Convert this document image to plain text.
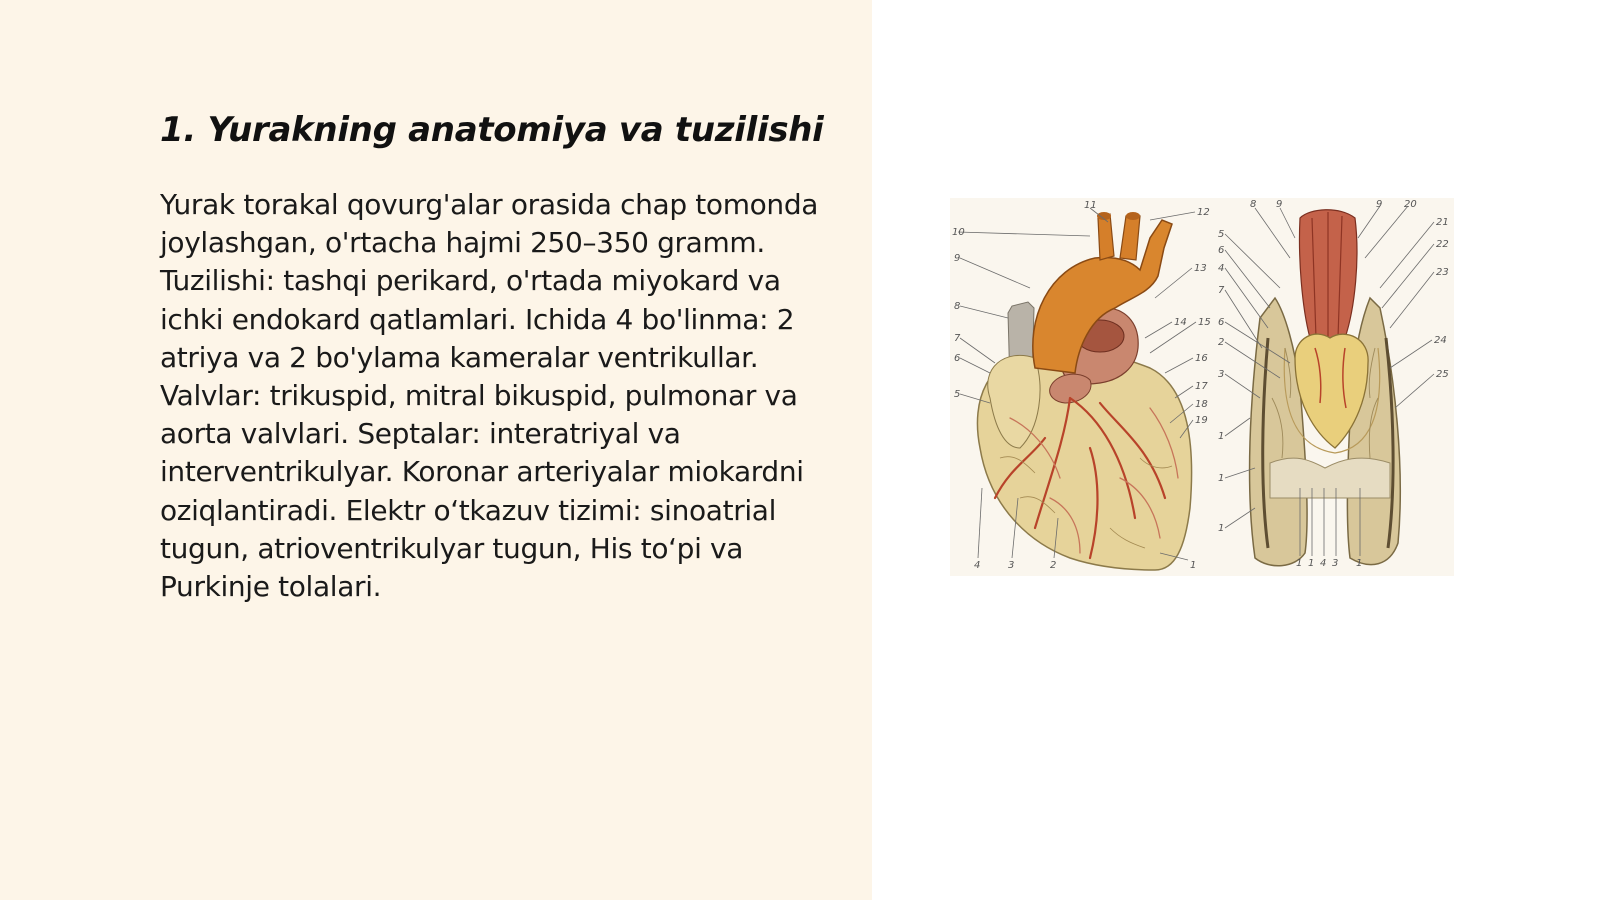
1. Yurakning anatomiya va tuzilishi

Yurak torakal qovurg'alar orasida chap tomonda joylashgan, o'rtacha hajmi 250–350 gramm. Tuzilishi: tashqi perikard, o'rtada miyokard va ichki endokard qatlamlari. Ichida 4 bo'linma: 2 atriya va 2 bo'ylama kameralar ventrikullar. Valvlar: trikuspid, mitral bikuspid, pulmonar va aorta valvlari. Septalar: interatriyal va interventrikulyar. Koronar arteriyalar miokardni oziqlantiradi. Elektr o‘tkazuv tizimi: sinoatrial tugun, atrioventrikulyar tugun, His to‘pi va Purkinje tolalari.

10
9
8
7
6
5
11
12
13
14 15
16
17
18
19
4	3	2	1
8 9
5
6
4
7
6
2
3
1
1
1
9 20
21
22
23
24
25
1 1 4 3 1
